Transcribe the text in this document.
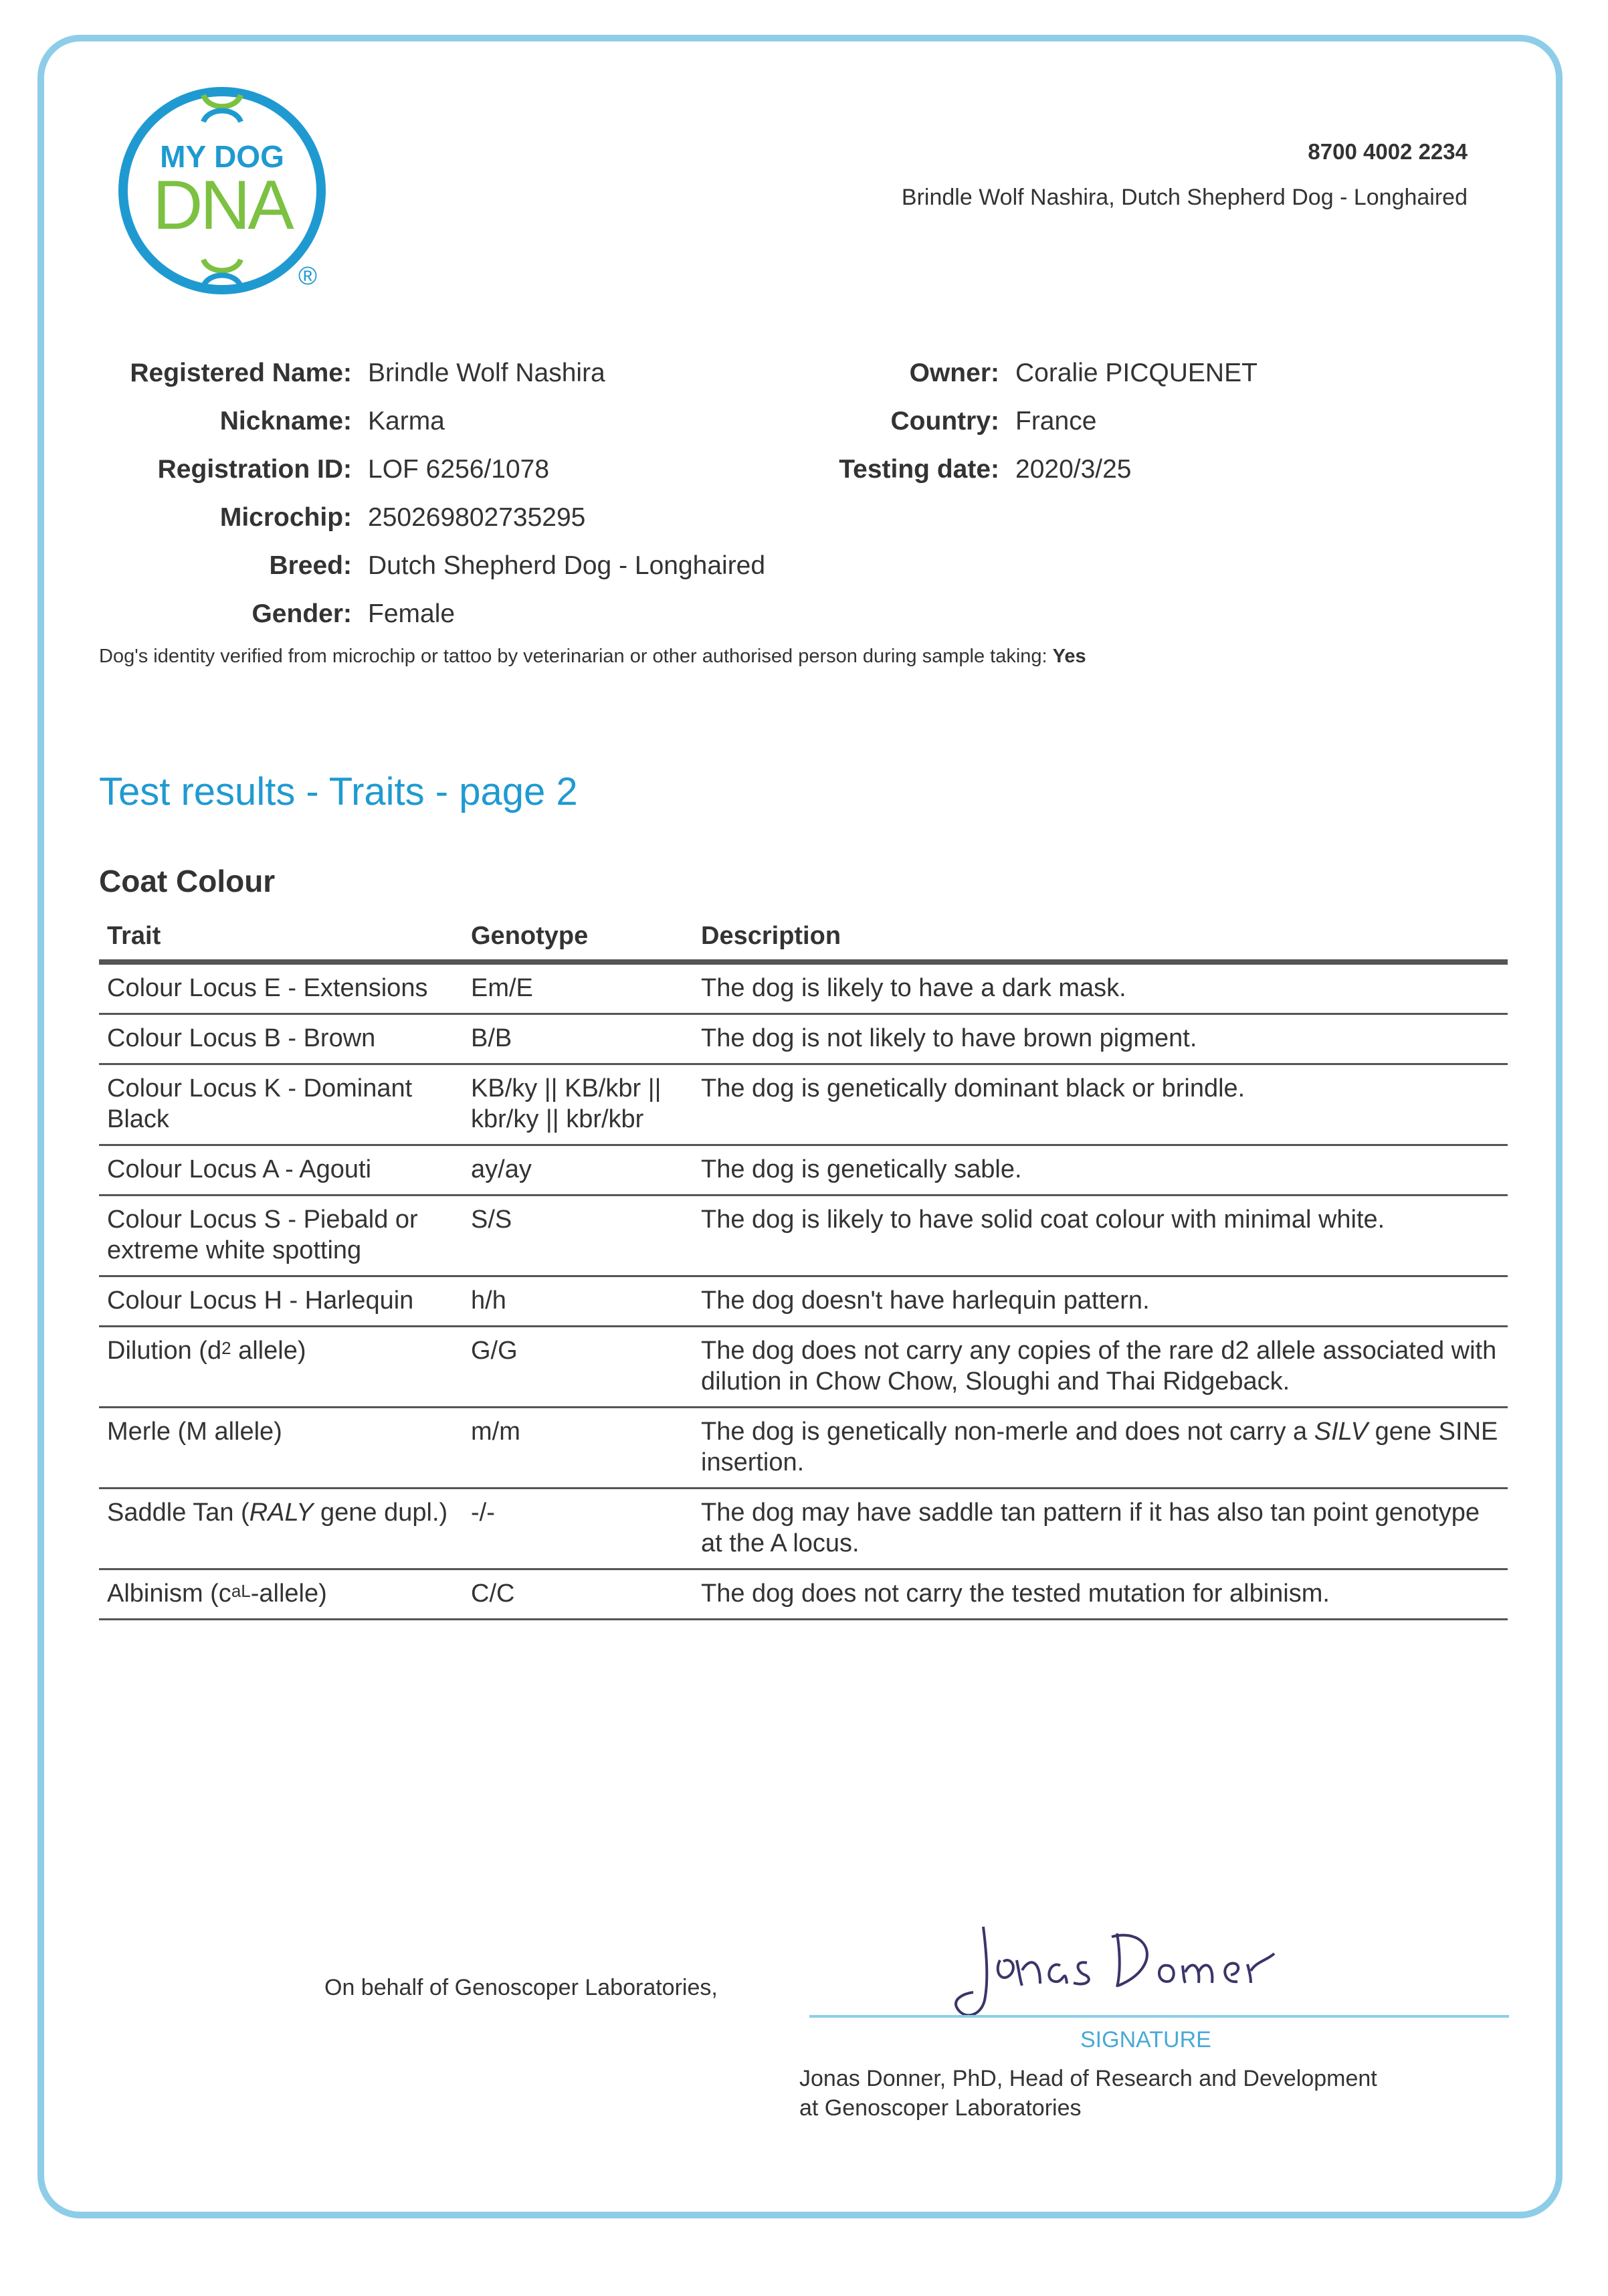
MY DOG
DNA
®
8700 4002 2234
Brindle Wolf Nashira, Dutch Shepherd Dog - Longhaired
Registered Name: Brindle Wolf Nashira
Nickname: Karma
Registration ID: LOF 6256/1078
Microchip: 250269802735295
Breed: Dutch Shepherd Dog - Longhaired
Gender: Female
Owner: Coralie PICQUENET
Country: France
Testing date: 2020/3/25
Dog's identity verified from microchip or tattoo by veterinarian or other authorised person during sample taking: Yes
Test results - Traits - page 2
Coat Colour
Trait	Genotype	Description
Colour Locus E - Extensions	Em/E	The dog is likely to have a dark mask.
Colour Locus B - Brown	B/B	The dog is not likely to have brown pigment.
Colour Locus K - Dominant Black	KB/ky || KB/kbr || kbr/ky || kbr/kbr	The dog is genetically dominant black or brindle.
Colour Locus A - Agouti	ay/ay	The dog is genetically sable.
Colour Locus S - Piebald or extreme white spotting	S/S	The dog is likely to have solid coat colour with minimal white.
Colour Locus H - Harlequin	h/h	The dog doesn't have harlequin pattern.
Dilution ($d^2$ allele)	G/G	The dog does not carry any copies of the rare d2 allele associated with dilution in Chow Chow, Sloughi and Thai Ridgeback.
Merle (M allele)	m/m	The dog is genetically non-merle and does not carry a SILV gene SINE insertion.
Saddle Tan (RALY gene dupl.)	-/-	The dog may have saddle tan pattern if it has also tan point genotype at the A locus.
Albinism $(c^{aL}-allele)$	C/C	The dog does not carry the tested mutation for albinism.
On behalf of Genoscoper Laboratories,
SIGNATURE
Jonas Donner, PhD, Head of Research and Development
at Genoscoper Laboratories
